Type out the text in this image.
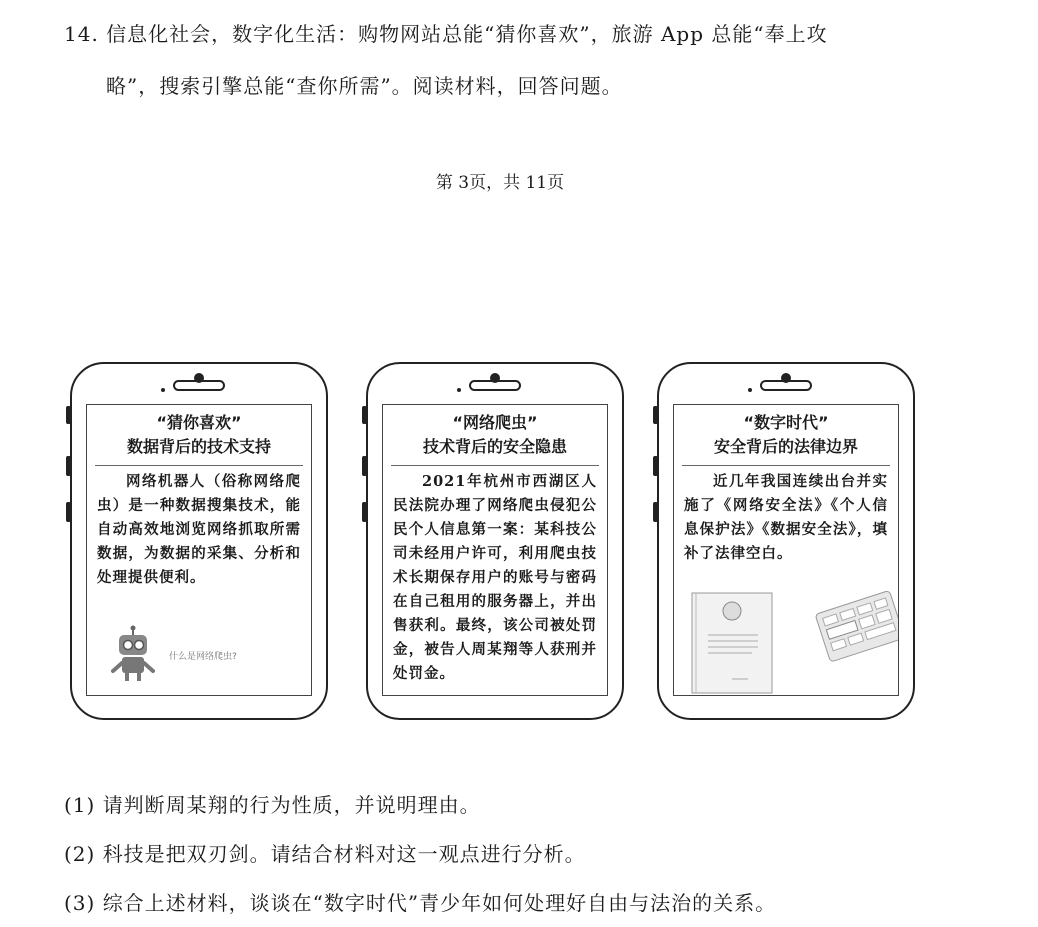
14. 信息化社会，数字化生活：购物网站总能“猜你喜欢”，旅游 App 总能“奉上攻
略”，搜索引擎总能“查你所需”。阅读材料，回答问题。
第 3页，共 11页
“猜你喜欢”
数据背后的技术支持
网络机器人（俗称网络爬虫）是一种数据搜集技术，能自动高效地浏览网络抓取所需数据，为数据的采集、分析和处理提供便利。
什么是网络爬虫?
“网络爬虫”
技术背后的安全隐患
2021年杭州市西湖区人民法院办理了网络爬虫侵犯公民个人信息第一案：某科技公司未经用户许可，利用爬虫技术长期保存用户的账号与密码在自己租用的服务器上，并出售获利。最终，该公司被处罚金，被告人周某翔等人获刑并处罚金。
“数字时代”
安全背后的法律边界
近几年我国连续出台并实施了《网络安全法》《个人信息保护法》《数据安全法》，填补了法律空白。
(1) 请判断周某翔的行为性质，并说明理由。
(2) 科技是把双刃剑。请结合材料对这一观点进行分析。
(3) 综合上述材料，谈谈在“数字时代”青少年如何处理好自由与法治的关系。
